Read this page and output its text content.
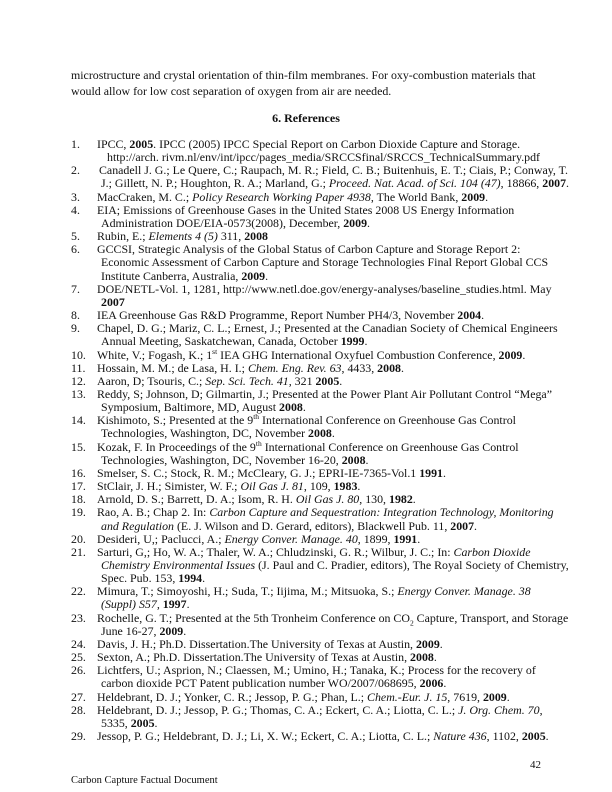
microstructure and crystal orientation of thin-film membranes. For oxy-combustion materials that would allow for low cost separation of oxygen from air are needed.
6. References
1.	IPCC, 2005. IPCC (2005) IPCC Special Report on Carbon Dioxide Capture and Storage.
http://arch. rivm.nl/env/int/ipcc/pages_media/SRCCSfinal/SRCCS_TechnicalSummary.pdf
2.	Canadell J. G.; Le Quere, C.; Raupach, M. R.; Field, C. B.; Buitenhuis, E. T.; Ciais, P.; Conway, T.
J.; Gillett, N. P.; Houghton, R. A.; Marland, G.; Proceed. Nat. Acad. of Sci. 104 (47), 18866, 2007.
3.	MacCraken, M. C.; Policy Research Working Paper 4938, The World Bank, 2009.
4.	EIA; Emissions of Greenhouse Gases in the United States 2008 US Energy Information
Administration DOE/EIA-0573(2008), December, 2009.
5.	Rubin, E.; Elements 4 (5) 311, 2008
6.	GCCSI, Strategic Analysis of the Global Status of Carbon Capture and Storage Report 2:
Economic Assessment of Carbon Capture and Storage Technologies Final Report Global CCS
Institute Canberra, Australia, 2009.
7.	DOE/NETL-Vol. 1, 1281, http://www.netl.doe.gov/energy-analyses/baseline_studies.html. May
2007
8.	IEA Greenhouse Gas R&D Programme, Report Number PH4/3, November 2004.
9.	Chapel, D. G.; Mariz, C. L.; Ernest, J.; Presented at the Canadian Society of Chemical Engineers
Annual Meeting, Saskatchewan, Canada, October 1999.
10. White, V.; Fogash, K.; 1st IEA GHG International Oxyfuel Combustion Conference, 2009.
11. Hossain, M. M.; de Lasa, H. I.; Chem. Eng. Rev. 63, 4433, 2008.
12. Aaron, D; Tsouris, C.; Sep. Sci. Tech. 41, 321 2005.
13. Reddy, S; Johnson, D; Gilmartin, J.; Presented at the Power Plant Air Pollutant Control “Mega”
Symposium, Baltimore, MD, August 2008.
14. Kishimoto, S.; Presented at the 9th International Conference on Greenhouse Gas Control
Technologies, Washington, DC, November 2008.
15. Kozak, F. In Proceedings of the 9th International Conference on Greenhouse Gas Control
Technologies, Washington, DC, November 16-20, 2008.
16. Smelser, S. C.; Stock, R. M.; McCleary, G. J.; EPRI-IE-7365-Vol.1 1991.
17. StClair, J. H.; Simister, W. F.; Oil Gas J. 81, 109, 1983.
18. Arnold, D. S.; Barrett, D. A.; Isom, R. H. Oil Gas J. 80, 130, 1982.
19. Rao, A. B.; Chap 2. In: Carbon Capture and Sequestration: Integration Technology, Monitoring
and Regulation (E. J. Wilson and D. Gerard, editors), Blackwell Pub. 11, 2007.
20. Desideri, U,; Paclucci, A.; Energy Conver. Manage. 40, 1899, 1991.
21. Sarturi, G,; Ho, W. A.; Thaler, W. A.; Chludzinski, G. R.; Wilbur, J. C.; In: Carbon Dioxide
Chemistry Environmental Issues (J. Paul and C. Pradier, editors), The Royal Society of Chemistry,
Spec. Pub. 153, 1994.
22. Mimura, T.; Simoyoshi, H.; Suda, T.; Iijima, M.; Mitsuoka, S.; Energy Conver. Manage. 38
(Suppl) S57, 1997.
23. Rochelle, G. T.; Presented at the 5th Tronheim Conference on $CO_2$ Capture, Transport, and Storage
June 16-27, 2009.
24. Davis, J. H.; Ph.D. Dissertation.The University of Texas at Austin, 2009.
25. Sexton, A.; Ph.D. Dissertation.The University of Texas at Austin, 2008.
26. Lichtfers, U.; Asprion, N.; Claessen, M.; Umino, H.; Tanaka, K.; Process for the recovery of
carbon dioxide PCT Patent publication number WO/2007/068695, 2006.
27. Heldebrant, D. J.; Yonker, C. R.; Jessop, P. G.; Phan, L.; Chem.-Eur. J. 15, 7619, 2009.
28. Heldebrant, D. J.; Jessop, P. G.; Thomas, C. A.; Eckert, C. A.; Liotta, C. L.; J. Org. Chem. 70,
5335, 2005.
29. Jessop, P. G.; Heldebrant, D. J.; Li, X. W.; Eckert, C. A.; Liotta, C. L.; Nature 436, 1102, 2005.
42
Carbon Capture Factual Document
